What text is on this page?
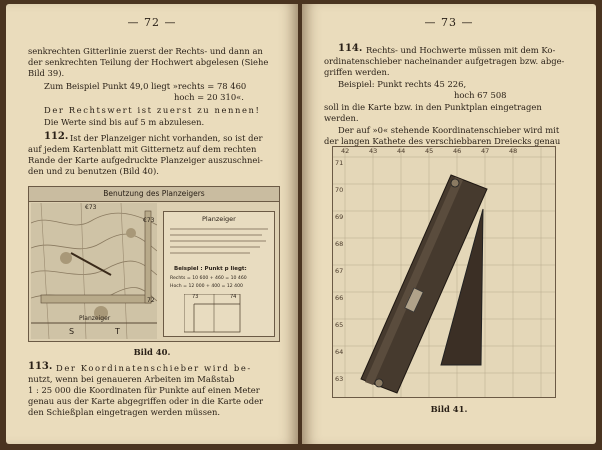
— 72 —
senkrechten Gitterlinie zuerst der Rechts- und dann an
der senkrechten Teilung der Hochwert abgelesen (Siehe
Bild 39).
Zum Beispiel Punkt 49,0 liegt »rechts = 78 460
hoch = 20 310«.
Der Rechtswert ist zuerst zu nennen!
Die Werte sind bis auf 5 m abzulesen.
112. Ist der Planzeiger nicht vorhanden, so ist der
auf jedem Kartenblatt mit Gitternetz auf dem rechten
Rande der Karte aufgedruckte Planzeiger auszuschnei-
den und zu benutzen (Bild 40).
Benutzung des Planzeigers
€73
€73
72
Planzeiger
S	T
Planzeiger
Beispiel : Punkt p liegt:
Rechts = 10 600 + 460 = 10 460
Hoch = 12 000 + 400 = 12 400
73	74
Bild 40.
113. Der Koordinatenschieber wird be-
nutzt, wenn bei genaueren Arbeiten im Maßstab
1 : 25 000 die Koordinaten für Punkte auf einen Meter
genau aus der Karte abgegriffen oder in die Karte oder
den Schießplan eingetragen werden müssen.
— 73 —
114. Rechts- und Hochwerte müssen mit dem Ko-
ordinatenschieber nacheinander aufgetragen bzw. abge-
griffen werden.
Beispiel: Punkt rechts 45 226,
hoch 67 508
soll in die Karte bzw. in den Punktplan eingetragen
werden.
Der auf »0« stehende Koordinatenschieber wird mit
der langen Kathete des verschiebbaren Dreiecks genau
42	43	44	45	46	47	48
71
70
69
68
67
66
65
64
63
Bild 41.
